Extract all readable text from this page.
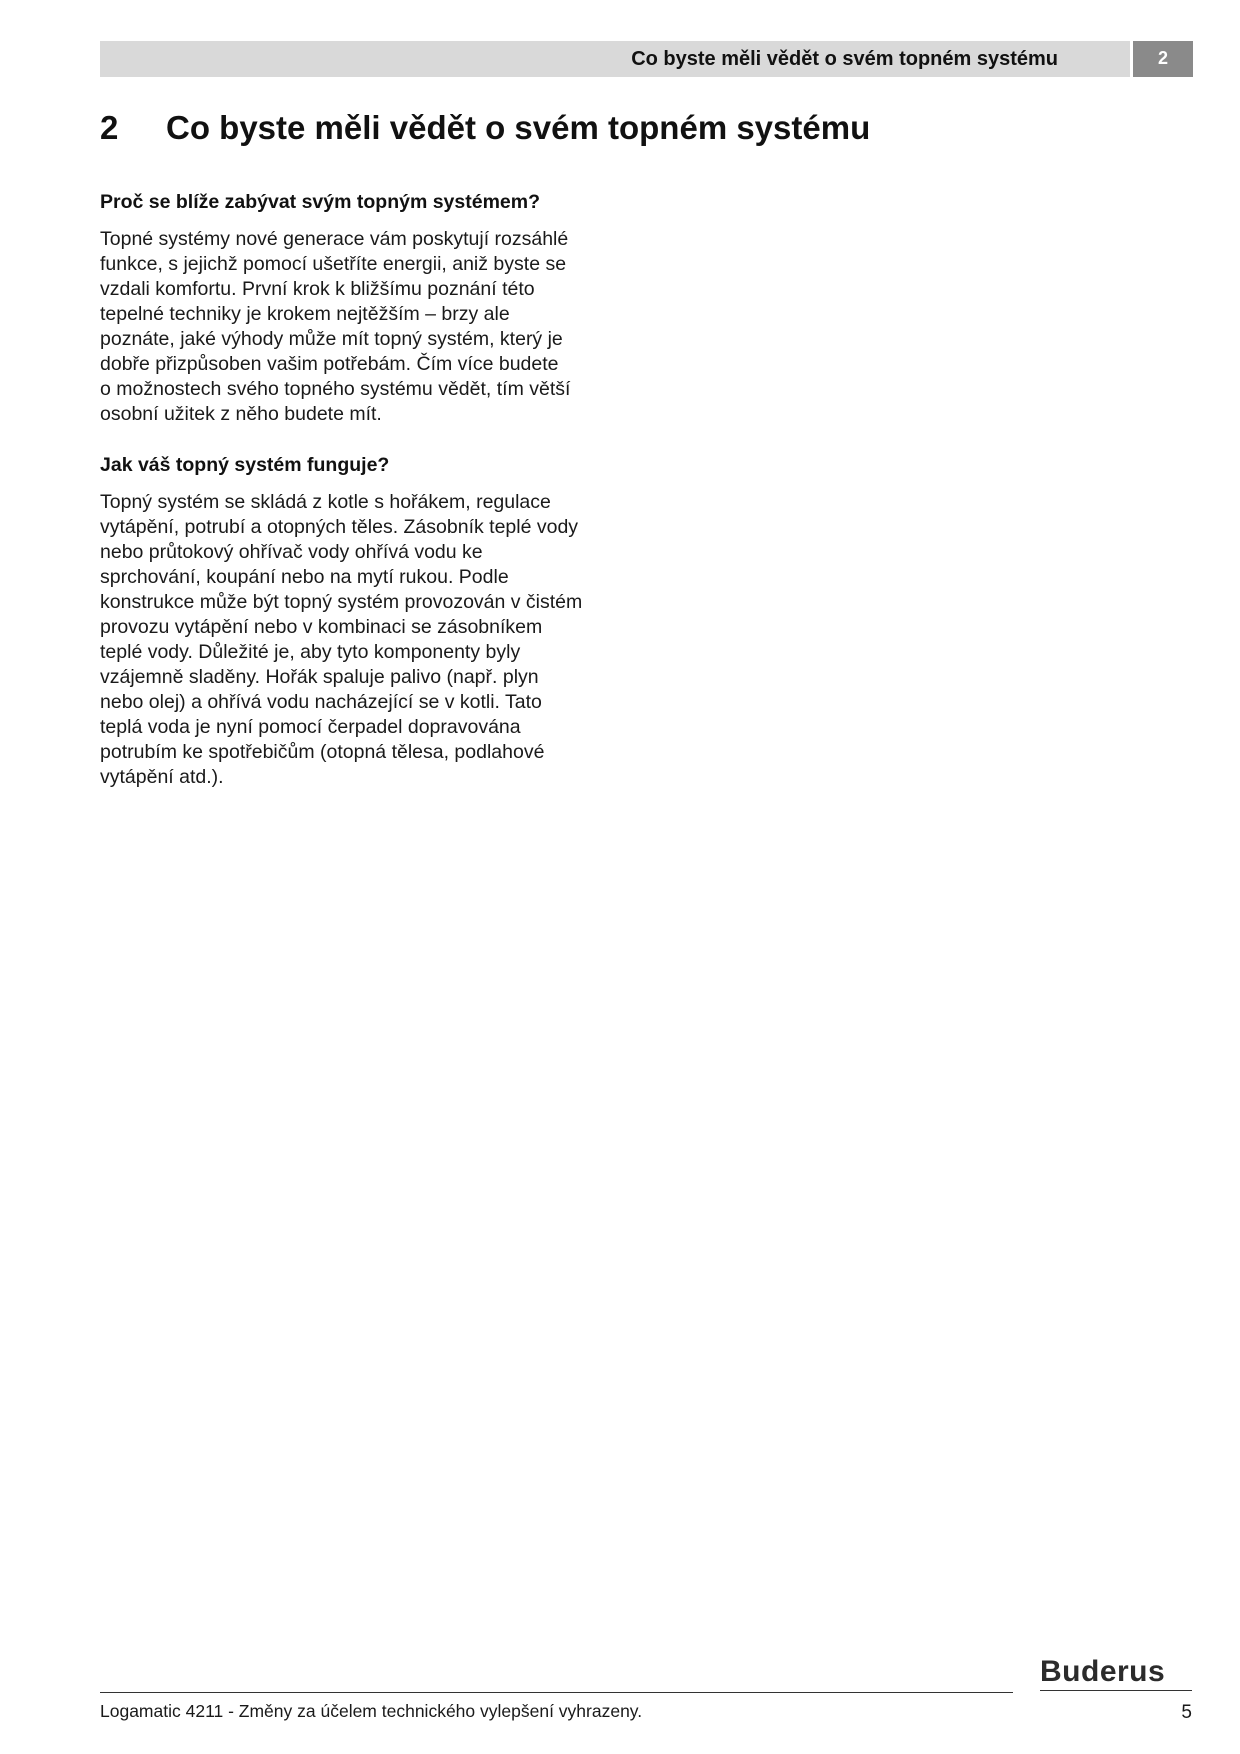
Co byste měli vědět o svém topném systému	2
2 Co byste měli vědět o svém topném systému
Proč se blíže zabývat svým topným systémem?

Topné systémy nové generace vám poskytují rozsáhlé
funkce, s jejichž pomocí ušetříte energii, aniž byste se
vzdali komfortu. První krok k bližšímu poznání této
tepelné techniky je krokem nejtěžším – brzy ale
poznáte, jaké výhody může mít topný systém, který je
dobře přizpůsoben vašim potřebám. Čím více budete
o možnostech svého topného systému vědět, tím větší
osobní užitek z něho budete mít.

Jak váš topný systém funguje?

Topný systém se skládá z kotle s hořákem, regulace
vytápění, potrubí a otopných těles. Zásobník teplé vody
nebo průtokový ohřívač vody ohřívá vodu ke
sprchování, koupání nebo na mytí rukou. Podle
konstrukce může být topný systém provozován v čistém
provozu vytápění nebo v kombinaci se zásobníkem
teplé vody. Důležité je, aby tyto komponenty byly
vzájemně sladěny. Hořák spaluje palivo (např. plyn
nebo olej) a ohřívá vodu nacházející se v kotli. Tato
teplá voda je nyní pomocí čerpadel dopravována
potrubím ke spotřebičům (otopná tělesa, podlahové
vytápění atd.).

Buderus
Logamatic 4211 - Změny za účelem technického vylepšení vyhrazeny.	5
